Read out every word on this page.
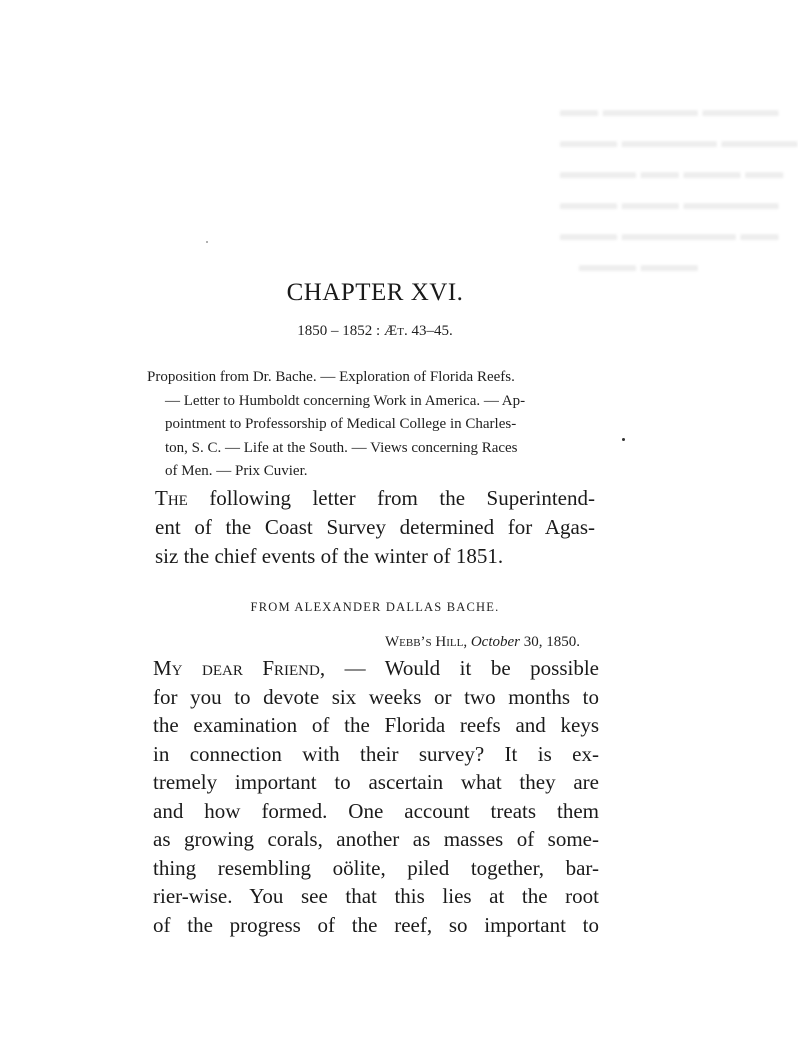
▬▬ ▬▬▬▬▬ ▬▬▬▬
▬▬▬ ▬▬▬▬▬ ▬▬▬▬
▬▬▬▬ ▬▬ ▬▬▬ ▬▬
▬▬▬ ▬▬▬ ▬▬▬▬▬
▬▬▬ ▬▬▬▬▬▬ ▬▬
▬▬▬ ▬▬▬
CHAPTER XVI.
1850 – 1852 : Æt. 43–45.
Proposition from Dr. Bache. — Exploration of Florida Reefs.
— Letter to Humboldt concerning Work in America. — Ap-
pointment to Professorship of Medical College in Charles-
ton, S. C. — Life at the South. — Views concerning Races
of Men. — Prix Cuvier.
The following letter from the Superintend-
ent of the Coast Survey determined for Agas-
siz the chief events of the winter of 1851.
FROM ALEXANDER DALLAS BACHE.
Webb’s Hill, October 30, 1850.
My dear Friend, — Would it be possible
for you to devote six weeks or two months to
the examination of the Florida reefs and keys
in connection with their survey? It is ex-
tremely important to ascertain what they are
and how formed. One account treats them
as growing corals, another as masses of some-
thing resembling oölite, piled together, bar-
rier-wise. You see that this lies at the root
of the progress of the reef, so important to
